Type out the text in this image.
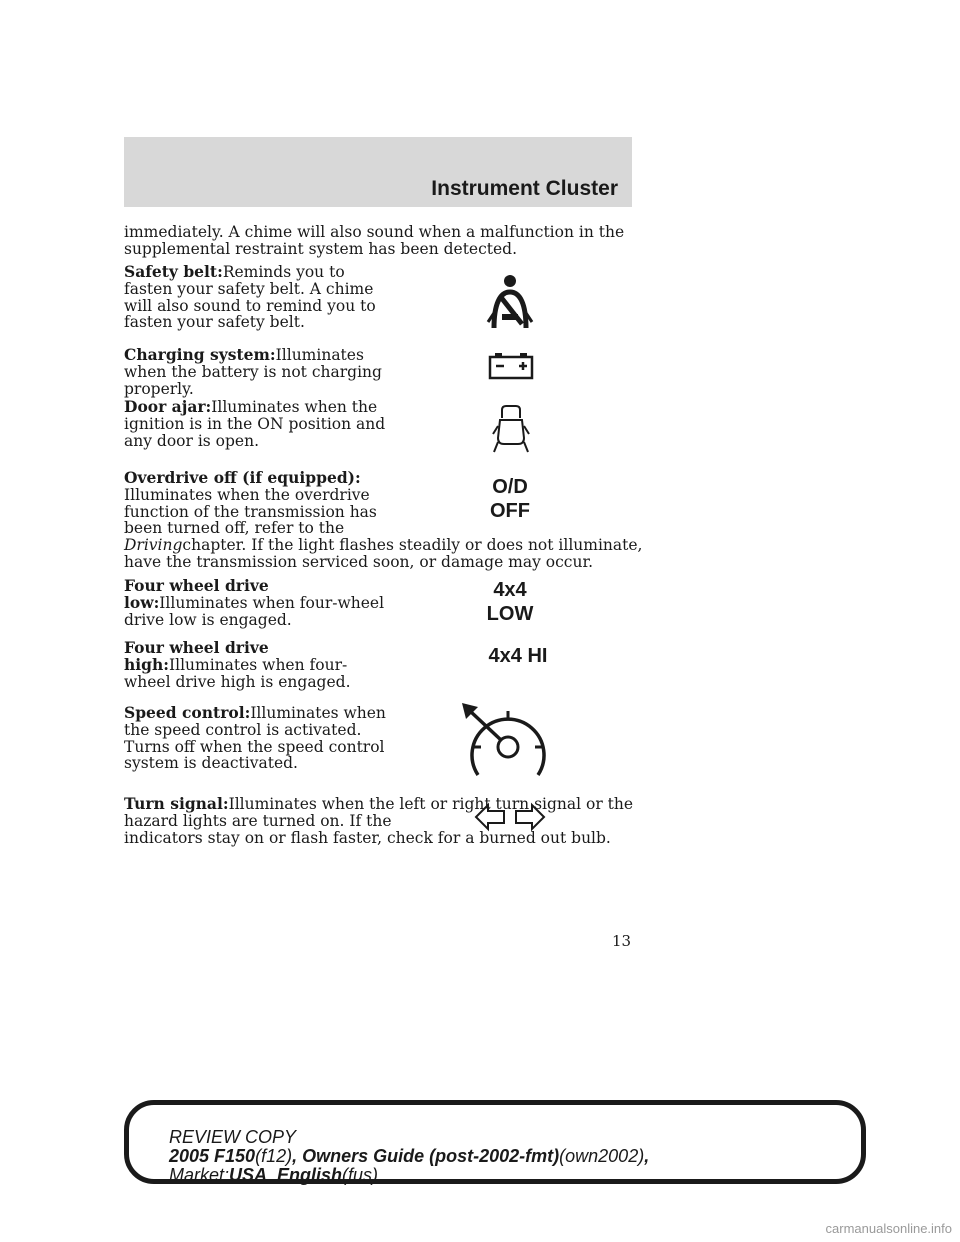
Instrument Cluster

immediately. A chime will also sound when a malfunction in the supplemental restraint system has been detected.

Safety belt:Reminds you to fasten your safety belt. A chime will also sound to remind you to fasten your safety belt.

Charging system:Illuminates when the battery is not charging properly.

Door ajar:Illuminates when the ignition is in the ON position and any door is open.

Overdrive off (if equipped):
Illuminates when the overdrive function of the transmission has been turned off, refer to the
Drivingchapter. If the light flashes steadily or does not illuminate, have the transmission serviced soon, or damage may occur.

O/D
OFF

Four wheel drive low:Illuminates when four-wheel drive low is engaged.

4x4
LOW

Four wheel drive high:Illuminates when four-wheel drive high is engaged.

4x4 HI

Speed control:Illuminates when the speed control is activated. Turns off when the speed control system is deactivated.

Turn signal:Illuminates when the left or right turn signal or the hazard lights are turned on. If the
indicators stay on or flash faster, check for a burned out bulb.

13
REVIEW COPY
2005 F150(f12), Owners Guide (post-2002-fmt)(own2002),
Market:USA_English(fus)
carmanualsonline.info
